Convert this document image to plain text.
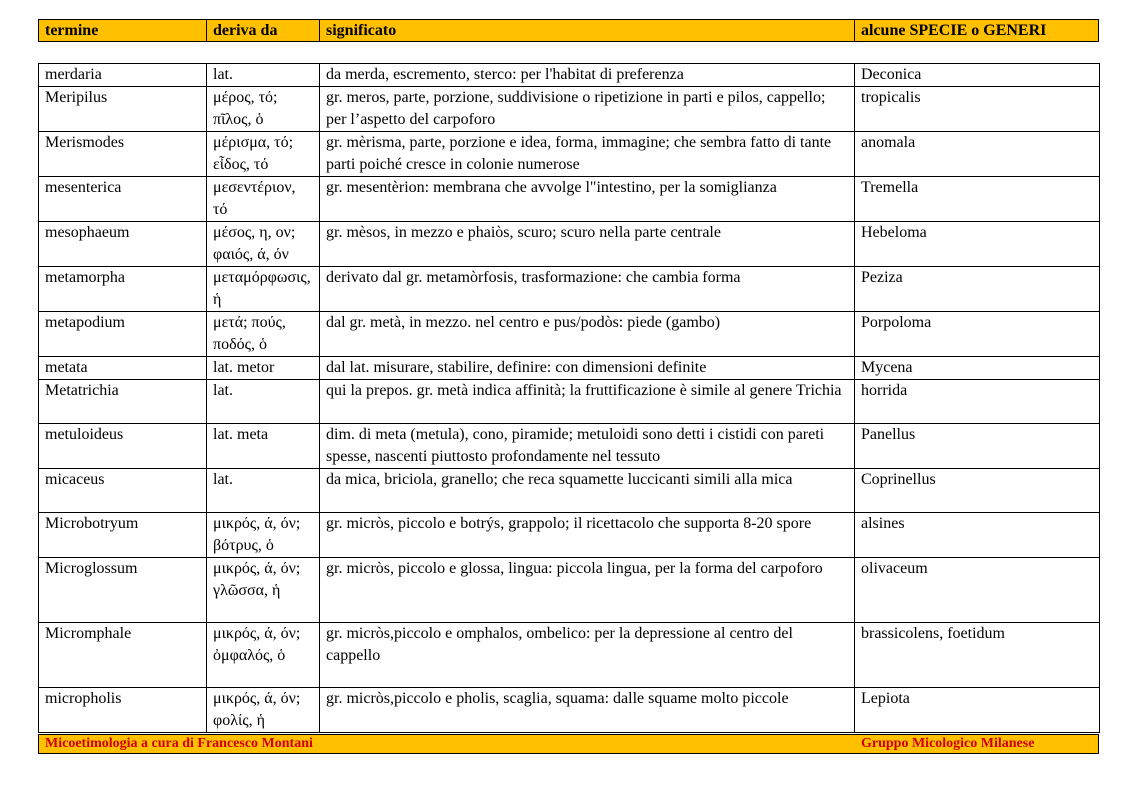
termine	deriva da	significato	alcune SPECIE o GENERI
merdaria	lat.	da merda, escremento, sterco: per l'habitat di preferenza	Deconica
Meripilus	μέρος, τό; πῖλος, ὁ	gr. meros, parte, porzione, suddivisione o ripetizione in parti e pilos, cappello; per l’aspetto del carpoforo	tropicalis
Merismodes	μέρισμα, τό; εἶδος, τό	gr. mèrisma, parte, porzione e idea, forma, immagine; che sembra fatto di tante parti poiché cresce in colonie numerose	anomala
mesenterica	μεσεντέριον, τό	gr. mesentèrion: membrana che avvolge l"intestino, per la somiglianza	Tremella
mesophaeum	μέσος, η, ον; φαιός, ά, όν	gr. mèsos, in mezzo e phaiòs, scuro; scuro nella parte centrale	Hebeloma
metamorpha	μεταμόρφωσις, ἡ	derivato dal gr. metamòrfosis, trasformazione: che cambia forma	Peziza
metapodium	μετά; πούς, ποδός, ὁ	dal gr. metà, in mezzo. nel centro e pus/podòs: piede (gambo)	Porpoloma
metata	lat. metor	dal lat. misurare, stabilire, definire: con dimensioni definite	Mycena
Metatrichia	lat.	qui la prepos. gr. metà indica affinità; la fruttificazione è simile al genere Trichia	horrida
metuloideus	lat. meta	dim. di meta (metula), cono, piramide; metuloidi sono detti i cistidi con pareti spesse, nascenti piuttosto profondamente nel tessuto	Panellus
micaceus	lat.	da mica, briciola, granello; che reca squamette luccicanti simili alla mica	Coprinellus
Microbotryum	μικρός, ά, όν; βότρυς, ὁ	gr. micròs, piccolo e botrýs, grappolo; il ricettacolo che supporta 8-20 spore	alsines
Microglossum	μικρός, ά, όν; γλῶσσα, ἡ	gr. micròs, piccolo e glossa, lingua: piccola lingua, per la forma del carpoforo	olivaceum
Micromphale	μικρός, ά, όν; ὀμφαλός, ὁ	gr. micròs,piccolo e omphalos, ombelico: per la depressione al centro del cappello	brassicolens, foetidum
micropholis	μικρός, ά, όν; φολίς, ἡ	gr. micròs,piccolo e pholis, scaglia, squama: dalle squame molto piccole	Lepiota
Micoetimologia a cura di Francesco Montani	Gruppo Micologico Milanese
